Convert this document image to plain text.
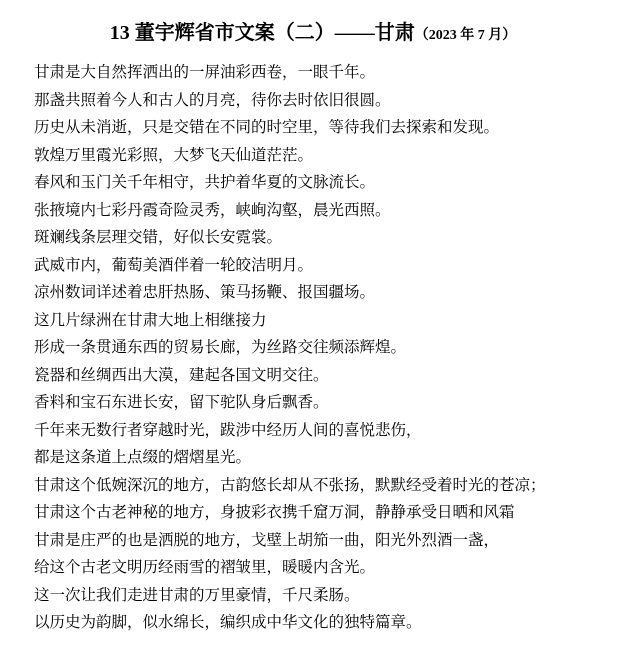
13 董宇辉省市文案（二）——甘肃（2023 年 7 月）

甘肃是大自然挥洒出的一屏油彩西卷，一眼千年。

那盏共照着今人和古人的月亮，待你去时依旧很圆。

历史从未消逝，只是交错在不同的时空里，等待我们去探索和发现。

敦煌万里霞光彩照，大梦飞天仙道茫茫。

春风和玉门关千年相守，共护着华夏的文脉流长。

张掖境内七彩丹霞奇险灵秀，峡峋沟壑，晨光西照。

斑斓线条层理交错，好似长安霓裳。

武威市内，葡萄美酒伴着一轮皎洁明月。

凉州数词详述着忠肝热肠、策马扬鞭、报国疆场。

这几片绿洲在甘肃大地上相继接力

形成一条贯通东西的贸易长廊，为丝路交往频添辉煌。

瓷器和丝绸西出大漠，建起各国文明交往。

香料和宝石东进长安，留下驼队身后飘香。

千年来无数行者穿越时光，跋涉中经历人间的喜悦悲伤，

都是这条道上点缀的熠熠星光。

甘肃这个低婉深沉的地方，古韵悠长却从不张扬，默默经受着时光的苍凉；

甘肃这个古老神秘的地方，身披彩衣携千窟万洞，静静承受日晒和风霜

甘肃是庄严的也是洒脱的地方，戈壁上胡笳一曲，阳光外烈酒一盏，

给这个古老文明历经雨雪的褶皱里，暖暖内含光。

这一次让我们走进甘肃的万里豪情，千尺柔肠。

以历史为韵脚，似水绵长，编织成中华文化的独特篇章。
